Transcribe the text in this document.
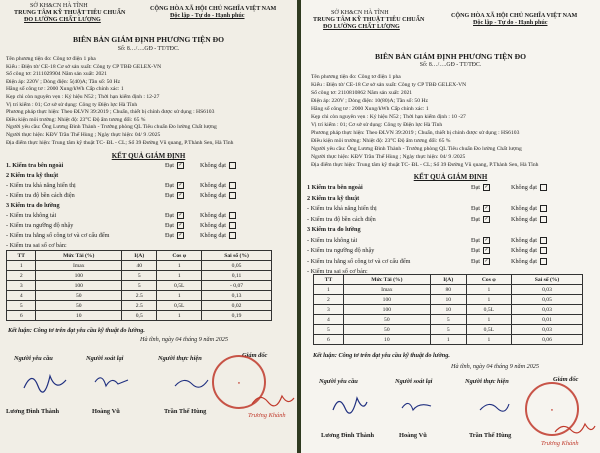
SỞ KH&CN HÀ TĨNH
TRUNG TÂM KỸ THUẬT TIÊU CHUẨN
ĐO LƯỜNG CHẤT LƯỢNG
CỘNG HÒA XÃ HỘI CHỦ NGHĨA VIỆT NAM
Độc lập - Tự do - Hạnh phúc
BIÊN BẢN GIÁM ĐỊNH PHƯƠNG TIỆN ĐO
Số: 8…/….GĐ - TT/TĐC.
Tên phương tiện đo: Công tơ điện 1 pha
Kiểu : Điện tử/ CE-18 Cơ sở sản xuất: Công ty CP TBĐ GELEX-VN
Số công tơ: 2111029904 Năm sản xuất: 2021
Điện áp: 220V ; Dòng điện: 5(40)A; Tần số: 50 Hz
Hằng số công tơ : 2000 Xung/kWh Cấp chính xác: 1
Kẹp chì còn nguyên vẹn : Ký hiệu N52 ; Thời hạn kiểm định : 12-27
Vị trí kiểm : 01; Cơ sở sử dụng: Công ty Điện lực Hà Tĩnh
Phương pháp thực hiện: Theo ĐLVN 39:2019 ; Chuẩn, thiết bị chính được sử dụng : HS6103
Điều kiện môi trường: Nhiệt độ: 23°C Độ ẩm tương đối: 65 %
Người yêu cầu: Ông Lương Đình Thành - Trưởng phòng QL Tiêu chuẩn Đo lường Chất lượng
Người thực hiện: KĐV Trần Thế Hùng ; Ngày thực hiện: 04/ 9 /2025
Địa điểm thực hiện: Trung tâm kỹ thuật TC- ĐL - CL; Số 39 Đường Vũ quang, P.Thành Sen, Hà Tĩnh
KẾT QUẢ GIÁM ĐỊNH
1. Kiểm tra bên ngoài	Đạt ✓	Không đạt
2 Kiểm tra kỹ thuật
- Kiểm tra khả năng hiển thị	Đạt ✓	Không đạt
- Kiểm tra độ bền cách điện	Đạt ✓	Không đạt
3 Kiểm tra đo lường
- Kiểm tra không tải	Đạt ✓	Không đạt
- Kiểm tra ngưỡng độ nhậy	Đạt ✓	Không đạt
- Kiểm tra hằng số công tơ và cơ cấu đếm	Đạt ✓	Không đạt
- Kiểm tra sai số cơ bản:
TT	Mức Tải (%)	I(A)	Cos φ	Sai số (%)
1	Imax	40	1	0,05
2	100	5	1	0,11
3	100	5	0,5L	- 0,07
4	50	2.5	1	0,13
5	50	2.5	0,5L	0,02
6	10	0,5	1	0,19
Kết luận: Công tơ trên đạt yêu cầu kỹ thuật đo lường.
Hà tĩnh, ngày 04 tháng 9 năm 2025
Người yêu cầu	Người soát lại	Người thực hiện	Giám đốc
●
Lương Đình Thành	Hoàng Vũ	Trần Thế Hùng
Trương Khánh
SỞ KH&CN HÀ TĨNH
TRUNG TÂM KỸ THUẬT TIÊU CHUẨN
ĐO LƯỜNG CHẤT LƯỢNG
CỘNG HÒA XÃ HỘI CHỦ NGHĨA VIỆT NAM
Độc lập - Tự do - Hạnh phúc
BIÊN BẢN GIÁM ĐỊNH PHƯƠNG TIỆN ĐO
Số: 8…/….GĐ - TT/TĐC.
Tên phương tiện đo: Công tơ điện 1 pha
Kiểu : Điện tử/ CE-18 Cơ sở sản xuất: Công ty CP TBĐ GELEX-VN
Số công tơ: 2110810862 Năm sản xuất: 2021
Điện áp: 220V ; Dòng điện: 10(80)A; Tần số: 50 Hz
Hằng số công tơ : 2000 Xung/kWh Cấp chính xác: 1
Kẹp chì còn nguyên vẹn : Ký hiệu N52 ; Thời hạn kiểm định : 10 -27
Vị trí kiểm : 01; Cơ sở sử dụng: Công ty Điện lực Hà Tĩnh
Phương pháp thực hiện: Theo ĐLVN 39:2019 ; Chuẩn, thiết bị chính được sử dụng : HS6103
Điều kiện môi trường: Nhiệt độ: 23°C Độ ẩm tương đối: 65 %
Người yêu cầu: Ông Lương Đình Thành - Trưởng phòng QL Tiêu chuẩn Đo lường Chất lượng
Người thực hiện: KĐV Trần Thế Hùng ; Ngày thực hiện: 04/ 9 /2025
Địa điểm thực hiện: Trung tâm kỹ thuật TC- ĐL - CL; Số 39 Đường Vũ quang, P.Thành Sen, Hà Tĩnh
KẾT QUẢ GIÁM ĐỊNH
1 Kiểm tra bên ngoài	Đạt ✓	Không đạt
2 Kiểm tra kỹ thuật
- Kiểm tra khả năng hiển thị	Đạt ✓	Không đạt
- Kiểm tra độ bền cách điện	Đạt ✓	Không đạt
3 Kiểm tra đo lường
- Kiểm tra không tải	Đạt ✓	Không đạt
- Kiểm tra ngưỡng độ nhậy	Đạt ✓	Không đạt
- Kiểm tra hằng số công tơ và cơ cấu đếm	Đạt ✓	Không đạt
- Kiểm tra sai số cơ bản:
TT	Mức Tải (%)	I(A)	Cos φ	Sai số (%)
1	Imax	80	1	0,03
2	100	10	1	0,05
3	100	10	0,5L	0,03
4	50	5	1	0,01
5	50	5	0,5L	0,03
6	10	1	1	0,06
Kết luận: Công tơ trên đạt yêu cầu kỹ thuật đo lường.
Hà tĩnh, ngày 04 tháng 9 năm 2025
Người yêu cầu	Người soát lại	Người thực hiện	Giám đốc
●
Lương Đình Thành	Hoàng Vũ	Trần Thế Hùng
Trương Khánh
